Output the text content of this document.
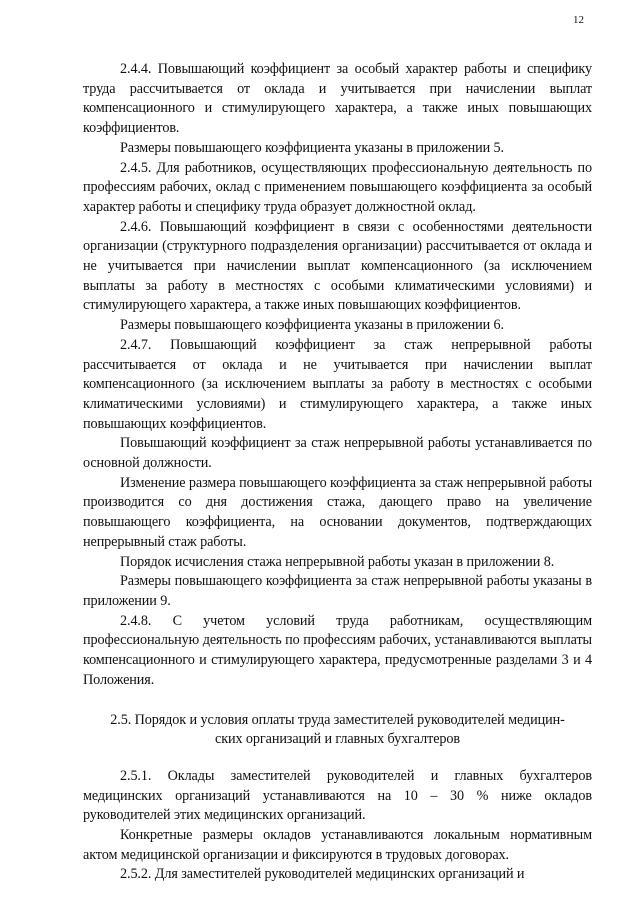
12

2.4.4. Повышающий коэффициент за особый характер работы и специфику труда рассчитывается от оклада и учитывается при начислении выплат компенсационного и стимулирующего характера, а также иных повышающих коэффициентов.

Размеры повышающего коэффициента указаны в приложении 5.

2.4.5. Для работников, осуществляющих профессиональную деятельность по профессиям рабочих, оклад с применением повышающего коэффициента за особый характер работы и специфику труда образует должностной оклад.

2.4.6. Повышающий коэффициент в связи с особенностями деятельности организации (структурного подразделения организации) рассчитывается от оклада и не учитывается при начислении выплат компенсационного (за исключением выплаты за работу в местностях с особыми климатическими условиями) и стимулирующего характера, а также иных повышающих коэффициентов.

Размеры повышающего коэффициента указаны в приложении 6.

2.4.7. Повышающий коэффициент за стаж непрерывной работы рассчитывается от оклада и не учитывается при начислении выплат компенсационного (за исключением выплаты за работу в местностях с особыми климатическими условиями) и стимулирующего характера, а также иных повышающих коэффициентов.

Повышающий коэффициент за стаж непрерывной работы устанавливается по основной должности.

Изменение размера повышающего коэффициента за стаж непрерывной работы производится со дня достижения стажа, дающего право на увеличение повышающего коэффициента, на основании документов, подтверждающих непрерывный стаж работы.

Порядок исчисления стажа непрерывной работы указан в приложении 8.

Размеры повышающего коэффициента за стаж непрерывной работы указаны в приложении 9.

2.4.8. С учетом условий труда работникам, осуществляющим профессиональную деятельность по профессиям рабочих, устанавливаются выплаты компенсационного и стимулирующего характера, предусмотренные разделами 3 и 4 Положения.

2.5. Порядок и условия оплаты труда заместителей руководителей медицин-
ских организаций и главных бухгалтеров

2.5.1. Оклады заместителей руководителей и главных бухгалтеров медицинских организаций устанавливаются на 10 – 30 % ниже окладов руководителей этих медицинских организаций.

Конкретные размеры окладов устанавливаются локальным нормативным актом медицинской организации и фиксируются в трудовых договорах.

2.5.2. Для заместителей руководителей медицинских организаций и
